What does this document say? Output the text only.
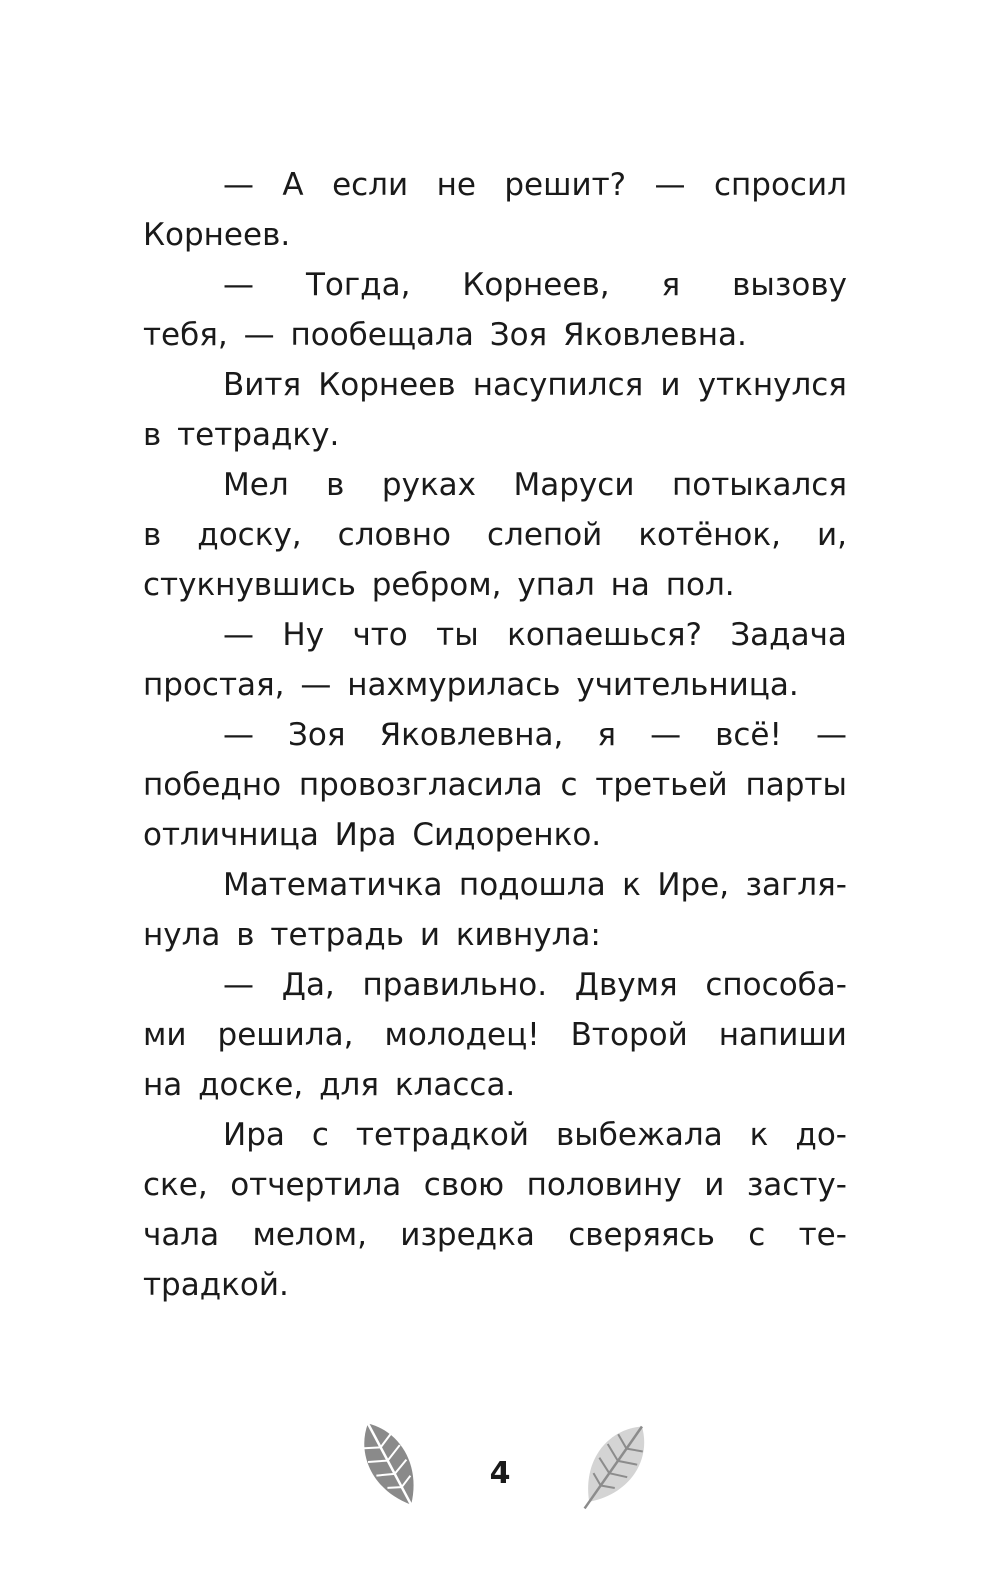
— А если не решит? — спросил
Корнеев.
— Тогда, Корнеев, я вызову
тебя, — пообещала Зоя Яковлевна.
Витя Корнеев насупился и уткнулся
в тетрадку.
Мел в руках Маруси потыкался
в доску, словно слепой котёнок, и,
стукнувшись ребром, упал на пол.
— Ну что ты копаешься? Задача
простая, — нахмурилась учительница.
— Зоя Яковлевна, я — всё! —
победно провозгласила с третьей парты
отличница Ира Сидоренко.
Математичка подошла к Ире, загля-
нула в тетрадь и кивнула:
— Да, правильно. Двумя способа-
ми решила, молодец! Второй напиши
на доске, для класса.
Ира с тетрадкой выбежала к до-
ске, отчертила свою половину и засту-
чала мелом, изредка сверяясь с те-
традкой.
4
